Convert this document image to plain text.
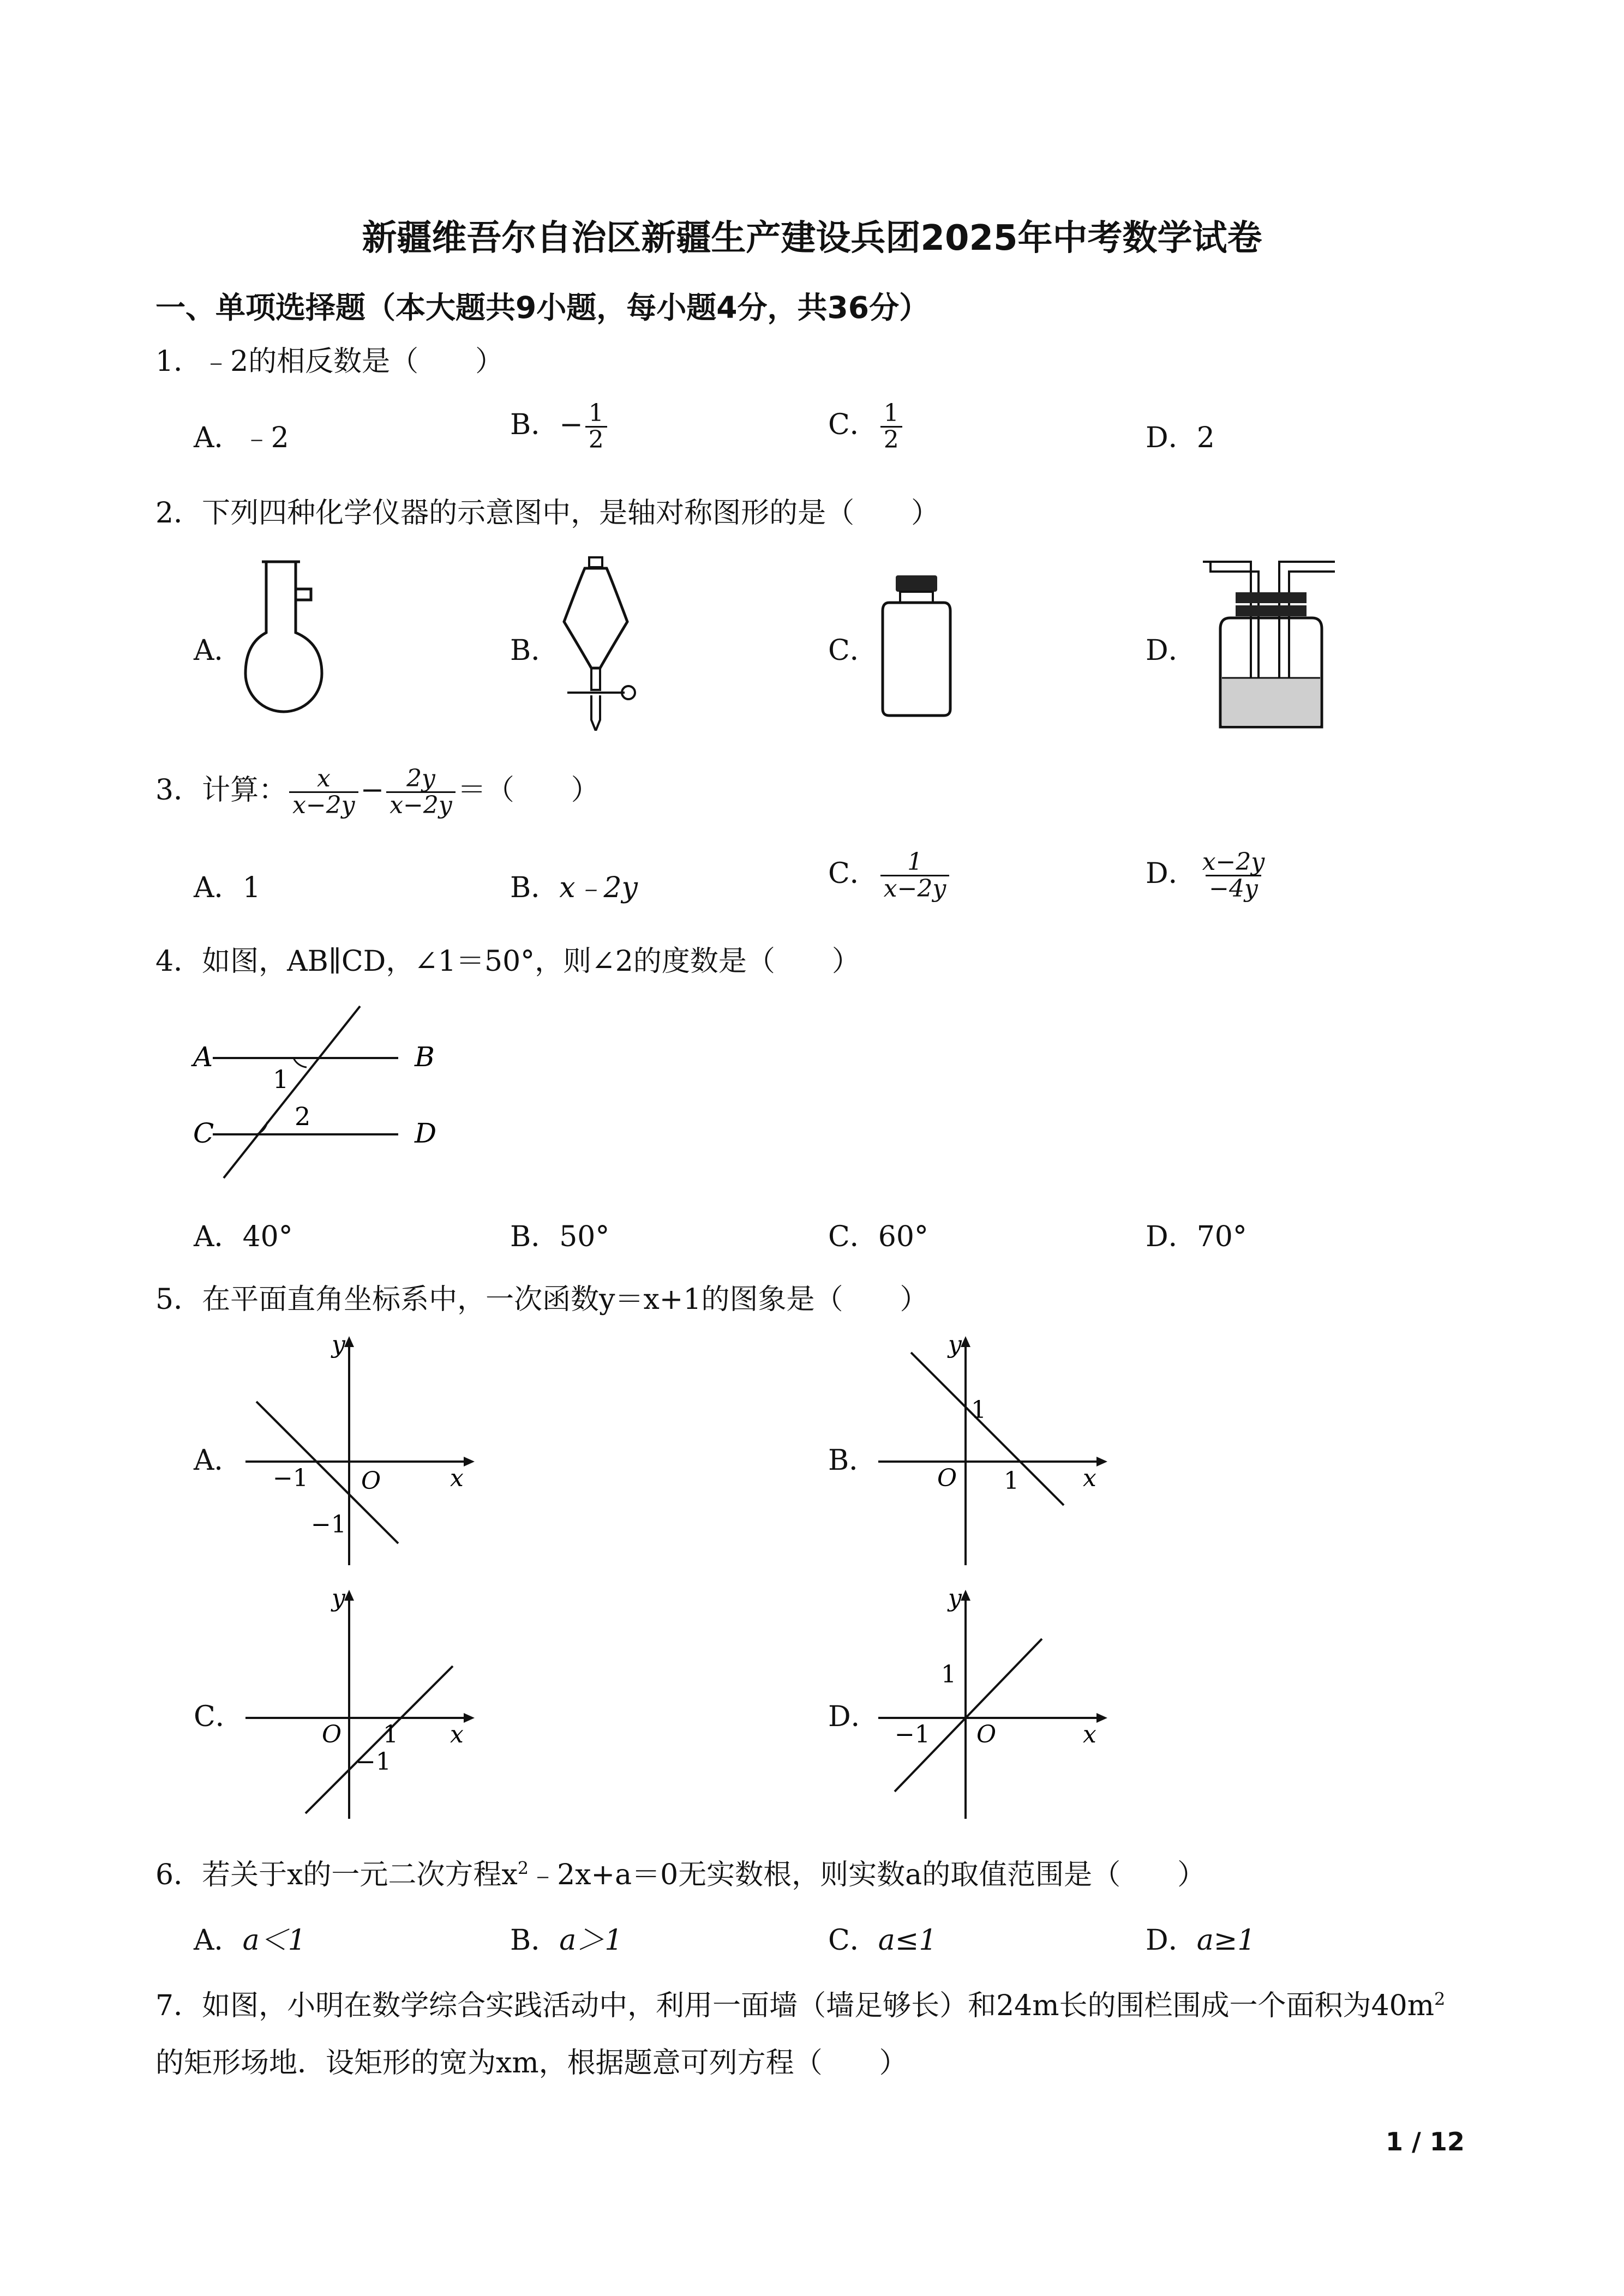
新疆维吾尔自治区新疆生产建设兵团2025年中考数学试卷
一、单项选择题（本大题共9小题，每小题4分，共36分）
1．﹣2的相反数是（　　）
A．﹣2	B．− $\frac{1}{2}$	C． $\frac{1}{2}$	D．2
2．下列四种化学仪器的示意图中，是轴对称图形的是（　　）
A．	B．	C．	D．
3．计算： $\frac{x}{x-2y} - \frac{2y}{x-2y}$ ＝（　　）
A．1	B．x﹣2y	C． $\frac{1}{x-2y}$	D． $\frac{x-2y}{-4y}$
4．如图，AB∥CD，∠1＝50°，则∠2的度数是（　　）
A	B
C	D
1
2
A．40°	B．50°	C．60°	D．70°
5．在平面直角坐标系中，一次函数y＝x+1的图象是（　　）
A．	B．
C．	D．
y
x
O
−1
−1
y
x
O
1
1
y
x
O 1
−1
y
x
O
−1
1
6．若关于x的一元二次方程$x^2﹣2x+a=0$无实数根，则实数a的取值范围是（　　）
A．a＜1	B．a＞1	C．a≤1	D．a≥1
7．如图，小明在数学综合实践活动中，利用一面墙（墙足够长）和24m长的围栏围成一个面积为$40m^2$
的矩形场地．设矩形的宽为xm，根据题意可列方程（　　）
1 / 12
